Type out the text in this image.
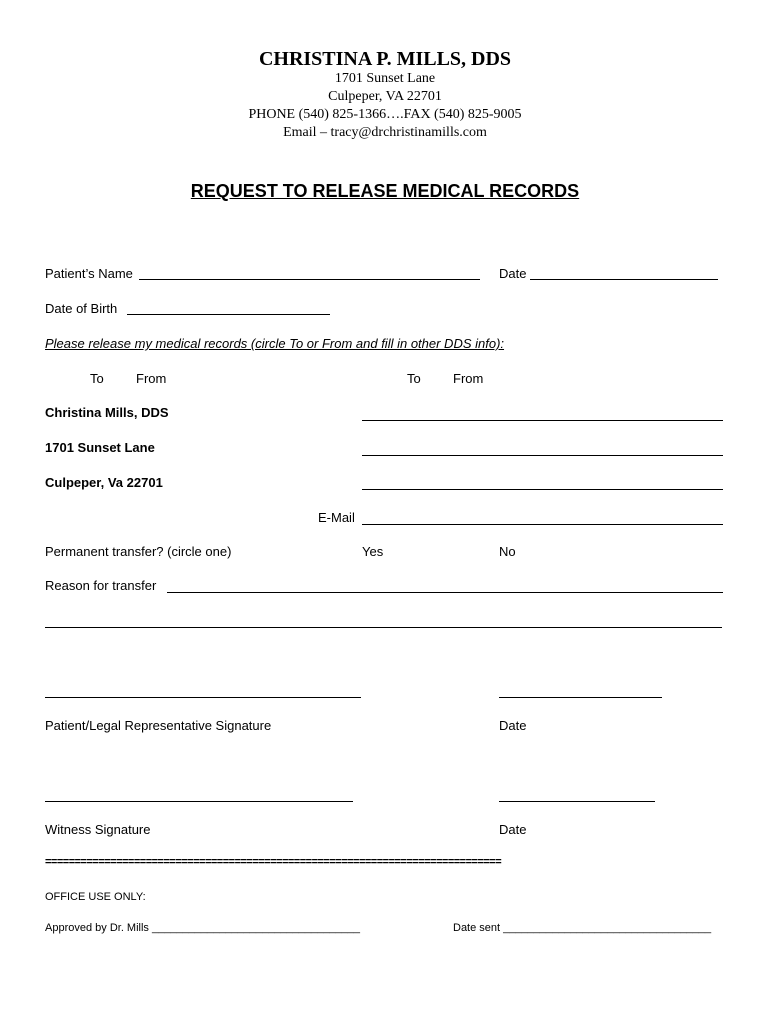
CHRISTINA P. MILLS, DDS
1701 Sunset Lane
Culpeper, VA 22701
PHONE (540) 825-1366….FAX (540) 825-9005
Email – tracy@drchristinamills.com
REQUEST TO RELEASE MEDICAL RECORDS
Patient’s Name	Date
Date of Birth
Please release my medical records (circle To or From and fill in other DDS info):
To From	To From
Christina Mills, DDS
1701 Sunset Lane
Culpeper, Va 22701
E-Mail
Permanent transfer? (circle one)	Yes	No
Reason for transfer
Patient/Legal Representative Signature	Date
Witness Signature	Date
=============================================================================
OFFICE USE ONLY:
Approved by Dr. Mills __________________________________	Date sent __________________________________
